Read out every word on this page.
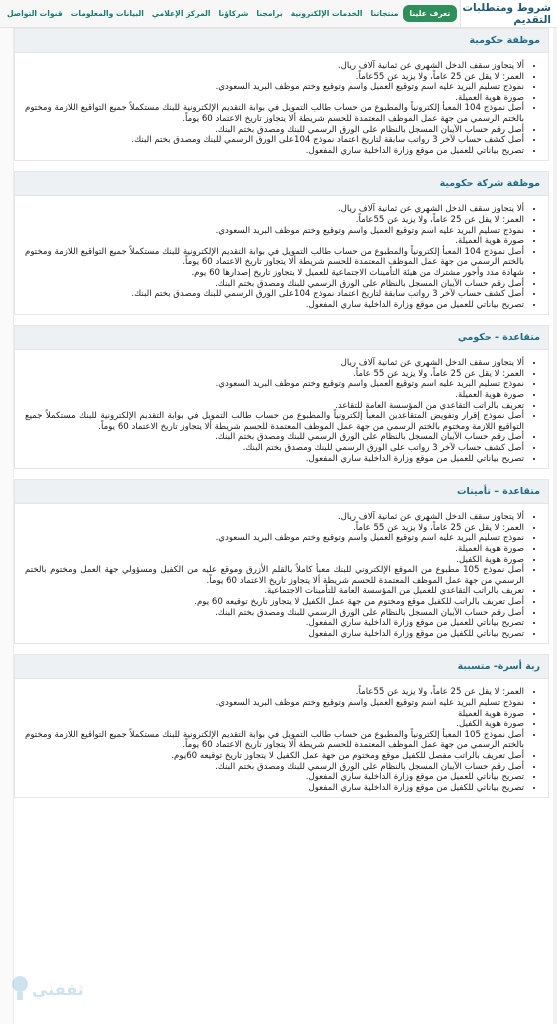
شروط ومتطلبات التقديم
تعرف علينا
منتجاتنا
الخدمات الإلكترونية
برامجنا
شركاؤنا
المركز الإعلامي
البيانات والمعلومات
قنوات التواصل
موظفة حكومية
• ألا يتجاوز سقف الدخل الشهري عن ثمانية آلاف ريال.
• العمر: لا يقل عن 25 عاماً، ولا يزيد عن 55عاماً.
• نموذج تسليم البريد عليه اسم وتوقيع العميل واسم وتوقيع وختم موظف البريد السعودي.
• صورة هوية العميلة.
• أصل نموذج 104 المعبأ إلكترونياً والمطبوع من حساب طالب التمويل في بوابة التقديم الإلكترونية للبنك مستكملاً جميع التواقيع اللازمة ومختوم بالختم الرسمي من جهة عمل الموظف المعتمدة للحسم شريطة ألا يتجاوز تاريخ الاعتماد 60 يوماً.
• أصل رقم حساب الآيبان المسجل بالنظام على الورق الرسمي للبنك ومصدق بختم البنك.
• أصل كشف حساب لآخر 3 رواتب سابقة لتاريخ اعتماد نموذج 104على الورق الرسمي للبنك ومصدق بختم البنك.
• تصريح بياناتي للعميل من موقع وزارة الداخلية ساري المفعول.
موظفة شركة حكومية
• ألا يتجاوز سقف الدخل الشهري عن ثمانية آلاف ريال.
• العمر: لا يقل عن 25 عاماً، ولا يزيد عن 55عاماً.
• نموذج تسليم البريد عليه اسم وتوقيع العميل واسم وتوقيع وختم موظف البريد السعودي.
• صورة هوية العميلة.
• أصل نموذج 104 المعبأ إلكترونياً والمطبوع من حساب طالب التمويل في بوابة التقديم الإلكترونية للبنك مستكملاً جميع التواقيع اللازمة ومختوم بالختم الرسمي من جهة عمل الموظف المعتمدة للحسم شريطة ألا يتجاوز تاريخ الاعتماد 60 يوماً.
• شهادة مدد وأجور مشترك من هيئة التأمينات الاجتماعية للعميل لا يتجاوز تاريخ إصدارها 60 يوم.
• أصل رقم حساب الآيبان المسجل بالنظام على الورق الرسمي للبنك ومصدق بختم البنك.
• أصل كشف حساب لآخر 3 رواتب سابقة لتاريخ اعتماد نموذج 104على الورق الرسمي للبنك ومصدق بختم البنك.
• تصريح بياناتي للعميل من موقع وزارة الداخلية ساري المفعول.
متقاعدة - حكومي
• ألا يتجاوز سقف الدخل الشهري عن ثمانية آلاف ريال
• العمر: لا يقل عن 25 عاماً، ولا يزيد عن 55 عاماً.
• نموذج تسليم البريد عليه اسم وتوقيع العميل واسم وتوقيع وختم موظف البريد السعودي.
• صورة هوية العميلة.
• تعريف بالراتب التقاعدي من المؤسسة العامة للتقاعد.
• أصل نموذج إقرار وتفويض المتقاعدين المعبأ إلكترونياً والمطبوع من حساب طالب التمويل في بوابة التقديم الإلكترونية للبنك مستكملاً جميع التواقيع اللازمة ومختوم بالختم الرسمي من جهة عمل الموظف المعتمدة للحسم شريطة ألا يتجاوز تاريخ الاعتماد 60 يوماً.
• أصل رقم حساب الآيبان المسجل بالنظام على الورق الرسمي للبنك ومصدق بختم البنك.
• أصل كشف حساب لآخر 3 رواتب على الورق الرسمي للبنك ومصدق بختم البنك.
• تصريح بياناتي للعميل من موقع وزارة الداخلية ساري المفعول.
متقاعدة – تأمينات
• ألا يتجاوز سقف الدخل الشهري عن ثمانية آلاف ريال.
• العمر: لا يقل عن 25 عاماً، ولا يزيد عن 55 عاماً.
• نموذج تسليم البريد عليه اسم وتوقيع العميل واسم وتوقيع وختم موظف البريد السعودي.
• صورة هوية العميلة.
• صورة هوية الكفيل.
• أصل نموذج 105 مطبوع من الموقع الإلكتروني للبنك معبأ كاملاً بالقلم الأزرق وموقع عليه من الكفيل ومسؤولي جهة العمل ومختوم بالختم الرسمي من جهة عمل الموظف المعتمدة للحسم شريطة ألا يتجاوز تاريخ الاعتماد 60 يوماً.
• تعريف بالراتب التقاعدي للعميل من المؤسسة العامة للتأمينات الاجتماعية.
• أصل تعريف بالراتب للكفيل موقع ومختوم من جهة عمل الكفيل لا يتجاوز تاريخ توقيعه 60 يوم.
• أصل رقم حساب الآيبان المسجل بالنظام على الورق الرسمي للبنك ومصدق بختم البنك.
• تصريح بياناتي للعميل من موقع وزارة الداخلية ساري المفعول.
• تصريح بياناتي للكفيل من موقع وزارة الداخلية ساري المفعول
ربة أسرة- متسببة
• العمر: لا يقل عن 25 عاماً، ولا يزيد عن 55عاماً.
• نموذج تسليم البريد عليه اسم وتوقيع العميل واسم وتوقيع وختم موظف البريد السعودي.
• صورة هوية العميلة
• صورة هوية الكفيل.
• أصل نموذج 105 المعبأ إلكترونياً والمطبوع من حساب طالب التمويل في بوابة التقديم الإلكترونية للبنك مستكملاً جميع التواقيع اللازمة ومختوم بالختم الرسمي من جهة عمل الموظف المعتمدة للحسم شريطة ألا يتجاوز تاريخ الاعتماد 60 يوماً.
• أصل تعريف بالراتب مفصل للكفيل موقع ومختوم من جهة عمل الكفيل لا يتجاوز تاريخ توقيعه 60يوم.
• أصل رقم حساب الآيبان المسجل بالنظام على الورق الرسمي للبنك ومصدق بختم البنك.
• تصريح بياناتي للعميل من موقع وزارة الداخلية ساري المفعول.
• تصريح بياناتي للكفيل من موقع وزارة الداخلية ساري المفعول
ثقفني
